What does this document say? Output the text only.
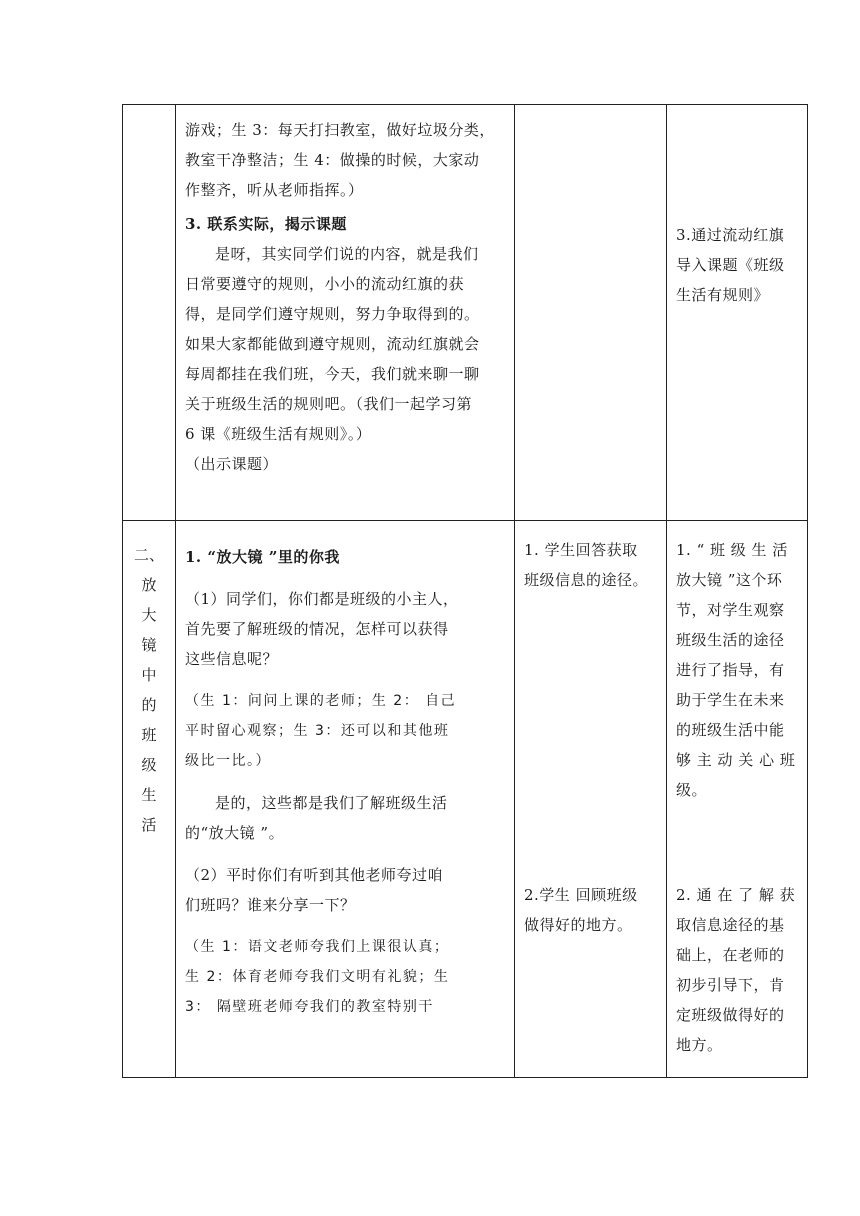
游戏；生 3：每天打扫教室，做好垃圾分类，

教室干净整洁；生 4：做操的时候，大家动

作整齐，听从老师指挥。）

3. 联系实际，揭示课题

是呀，其实同学们说的内容，就是我们

日常要遵守的规则，小小的流动红旗的获

得，是同学们遵守规则，努力争取得到的。

如果大家都能做到遵守规则，流动红旗就会

每周都挂在我们班，今天，我们就来聊一聊

关于班级生活的规则吧。（我们一起学习第

6 课《班级生活有规则》。）

（出示课题）

3.通过流动红旗

导入课题《班级

生活有规则》

二、
放
大
镜
中
的
班
级
生
活

1. “放大镜 ”里的你我

（1）同学们，你们都是班级的小主人，

首先要了解班级的情况，怎样可以获得

这些信息呢？

（生 1：问问上课的老师；生 2： 自己

平时留心观察；生 3：还可以和其他班

级比一比。）

是的，这些都是我们了解班级生活

的“放大镜 ”。

（2）平时你们有听到其他老师夸过咱

们班吗？谁来分享一下？

（生 1：语文老师夸我们上课很认真；

生 2：体育老师夸我们文明有礼貌；生

3： 隔壁班老师夸我们的教室特别干

1. 学生回答获取

班级信息的途径。

2.学生 回顾班级

做得好的地方。

1. “ 班 级 生 活

放大镜 ”这个环

节，对学生观察

班级生活的途径

进行了指导，有

助于学生在未来

的班级生活中能

够 主 动 关 心 班

级。

2. 通 在 了 解 获

取信息途径的基

础上，在老师的

初步引导下，肯

定班级做得好的

地方。
